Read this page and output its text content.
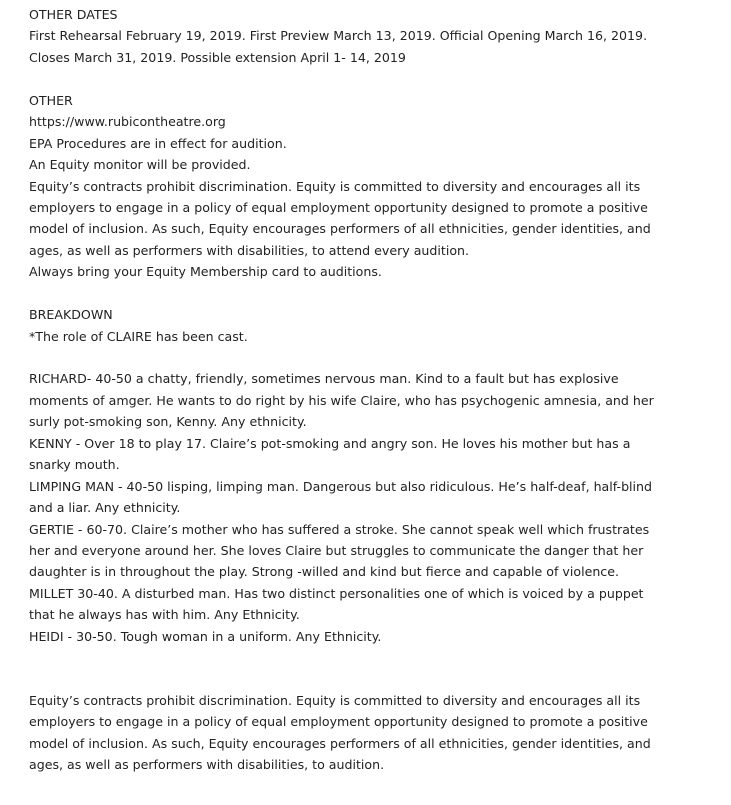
OTHER DATES
First Rehearsal February 19, 2019. First Preview March 13, 2019. Official Opening March 16, 2019.
Closes March 31, 2019. Possible extension April 1- 14, 2019
OTHER
https://www.rubicontheatre.org
EPA Procedures are in effect for audition.
An Equity monitor will be provided.
Equity’s contracts prohibit discrimination. Equity is committed to diversity and encourages all its
employers to engage in a policy of equal employment opportunity designed to promote a positive
model of inclusion. As such, Equity encourages performers of all ethnicities, gender identities, and
ages, as well as performers with disabilities, to attend every audition.
Always bring your Equity Membership card to auditions.
BREAKDOWN
*The role of CLAIRE has been cast.
RICHARD- 40-50 a chatty, friendly, sometimes nervous man. Kind to a fault but has explosive
moments of amger. He wants to do right by his wife Claire, who has psychogenic amnesia, and her
surly pot-smoking son, Kenny. Any ethnicity.
KENNY - Over 18 to play 17. Claire’s pot-smoking and angry son. He loves his mother but has a
snarky mouth.
LIMPING MAN - 40-50 lisping, limping man. Dangerous but also ridiculous. He’s half-deaf, half-blind
and a liar. Any ethnicity.
GERTIE - 60-70. Claire’s mother who has suffered a stroke. She cannot speak well which frustrates
her and everyone around her. She loves Claire but struggles to communicate the danger that her
daughter is in throughout the play. Strong -willed and kind but fierce and capable of violence.
MILLET 30-40. A disturbed man. Has two distinct personalities one of which is voiced by a puppet
that he always has with him. Any Ethnicity.
HEIDI - 30-50. Tough woman in a uniform. Any Ethnicity.
Equity’s contracts prohibit discrimination. Equity is committed to diversity and encourages all its
employers to engage in a policy of equal employment opportunity designed to promote a positive
model of inclusion. As such, Equity encourages performers of all ethnicities, gender identities, and
ages, as well as performers with disabilities, to audition.
